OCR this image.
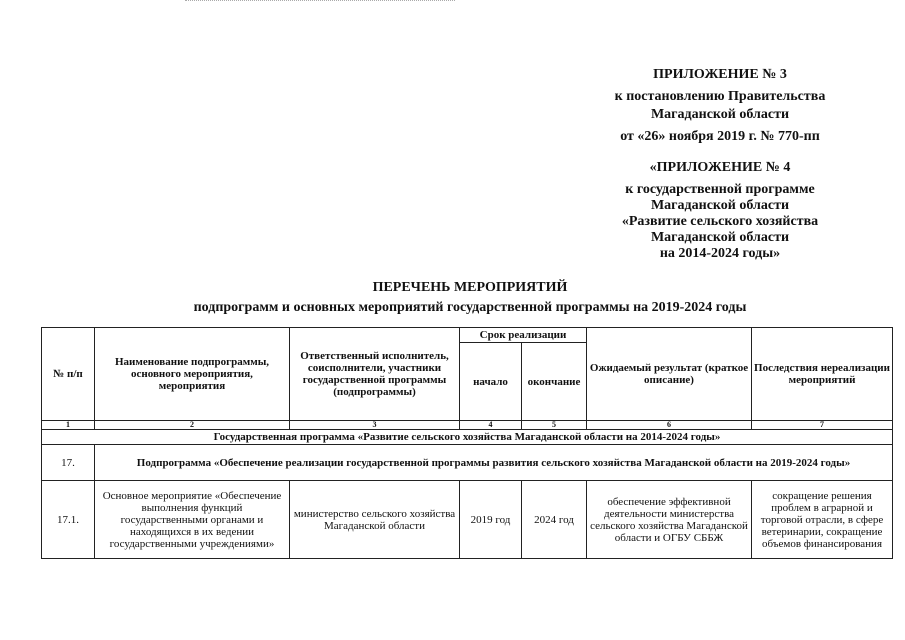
ПРИЛОЖЕНИЕ № 3
к постановлению Правительства
Магаданской области
от «26» ноября 2019 г. № 770-пп
«ПРИЛОЖЕНИЕ № 4
к государственной программе
Магаданской области
«Развитие сельского хозяйства
Магаданской области
на 2014-2024 годы»
ПЕРЕЧЕНЬ МЕРОПРИЯТИЙ
подпрограмм и основных мероприятий государственной программы на 2019-2024 годы
№ п/п	Наименование подпрограммы, основного мероприятия, мероприятия	Ответственный исполнитель, соисполнители, участники государственной программы (подпрограммы)	Срок реализации		Ожидаемый результат (краткое описание)	Последствия нереализации мероприятий
			начало	окончание		
1	2	3	4	5	6	7
Государственная программа «Развитие сельского хозяйства Магаданской области на 2014-2024 годы»						
17.	Подпрограмма «Обеспечение реализации государственной программы развития сельского хозяйства Магаданской области на 2019-2024 годы»					
17.1.	Основное мероприятие «Обеспечение выполнения функций государственными органами и находящихся в их ведении государственными учреждениями»	министерство сельского хозяйства Магаданской области	2019 год	2024 год	обеспечение эффективной деятельности министерства сельского хозяйства Магаданской области и ОГБУ СББЖ	сокращение решения проблем в аграрной и торговой отрасли, в сфере ветеринарии, сокращение объемов финансирования
